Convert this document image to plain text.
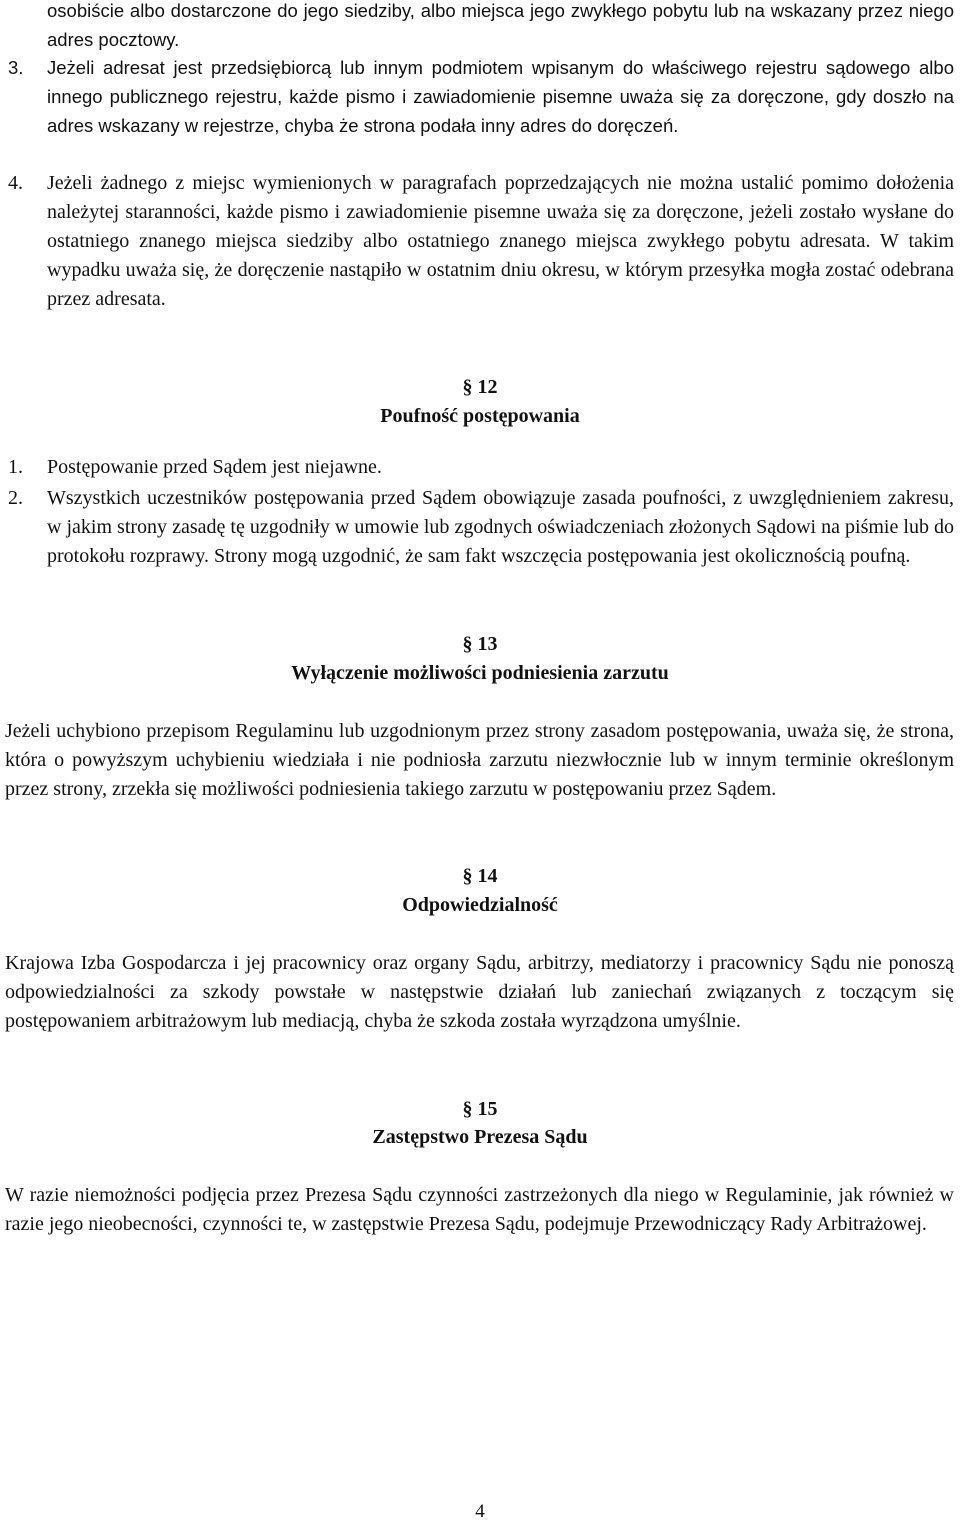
osobiście albo dostarczone do jego siedziby, albo miejsca jego zwykłego pobytu lub na wskazany przez niego adres pocztowy.
3.	Jeżeli adresat jest przedsiębiorcą lub innym podmiotem wpisanym do właściwego rejestru sądowego albo innego publicznego rejestru, każde pismo i zawiadomienie pisemne uważa się za doręczone, gdy doszło na adres wskazany w rejestrze, chyba że strona podała inny adres do doręczeń.
4.	Jeżeli żadnego z miejsc wymienionych w paragrafach poprzedzających nie można ustalić pomimo dołożenia należytej staranności, każde pismo i zawiadomienie pisemne uważa się za doręczone, jeżeli zostało wysłane do ostatniego znanego miejsca siedziby albo ostatniego znanego miejsca zwykłego pobytu adresata. W takim wypadku uważa się, że doręczenie nastąpiło w ostatnim dniu okresu, w którym przesyłka mogła zostać odebrana przez adresata.
§ 12
Poufność postępowania
1.	Postępowanie przed Sądem jest niejawne.
2.	Wszystkich uczestników postępowania przed Sądem obowiązuje zasada poufności, z uwzględnieniem zakresu, w jakim strony zasadę tę uzgodniły w umowie lub zgodnych oświadczeniach złożonych Sądowi na piśmie lub do protokołu rozprawy. Strony mogą uzgodnić, że sam fakt wszczęcia postępowania jest okolicznością poufną.
§ 13
Wyłączenie możliwości podniesienia zarzutu
Jeżeli uchybiono przepisom Regulaminu lub uzgodnionym przez strony zasadom postępowania, uważa się, że strona, która o powyższym uchybieniu wiedziała i nie podniosła zarzutu niezwłocznie lub w innym terminie określonym przez strony, zrzekła się możliwości podniesienia takiego zarzutu w postępowaniu przez Sądem.
§ 14
Odpowiedzialność
Krajowa Izba Gospodarcza i jej pracownicy oraz organy Sądu, arbitrzy, mediatorzy i pracownicy Sądu nie ponoszą odpowiedzialności za szkody powstałe w następstwie działań lub zaniechań związanych z toczącym się postępowaniem arbitrażowym lub mediacją, chyba że szkoda została wyrządzona umyślnie.
§ 15
Zastępstwo Prezesa Sądu
W razie niemożności podjęcia przez Prezesa Sądu czynności zastrzeżonych dla niego w Regulaminie, jak również w razie jego nieobecności, czynności te, w zastępstwie Prezesa Sądu, podejmuje Przewodniczący Rady Arbitrażowej.
4
